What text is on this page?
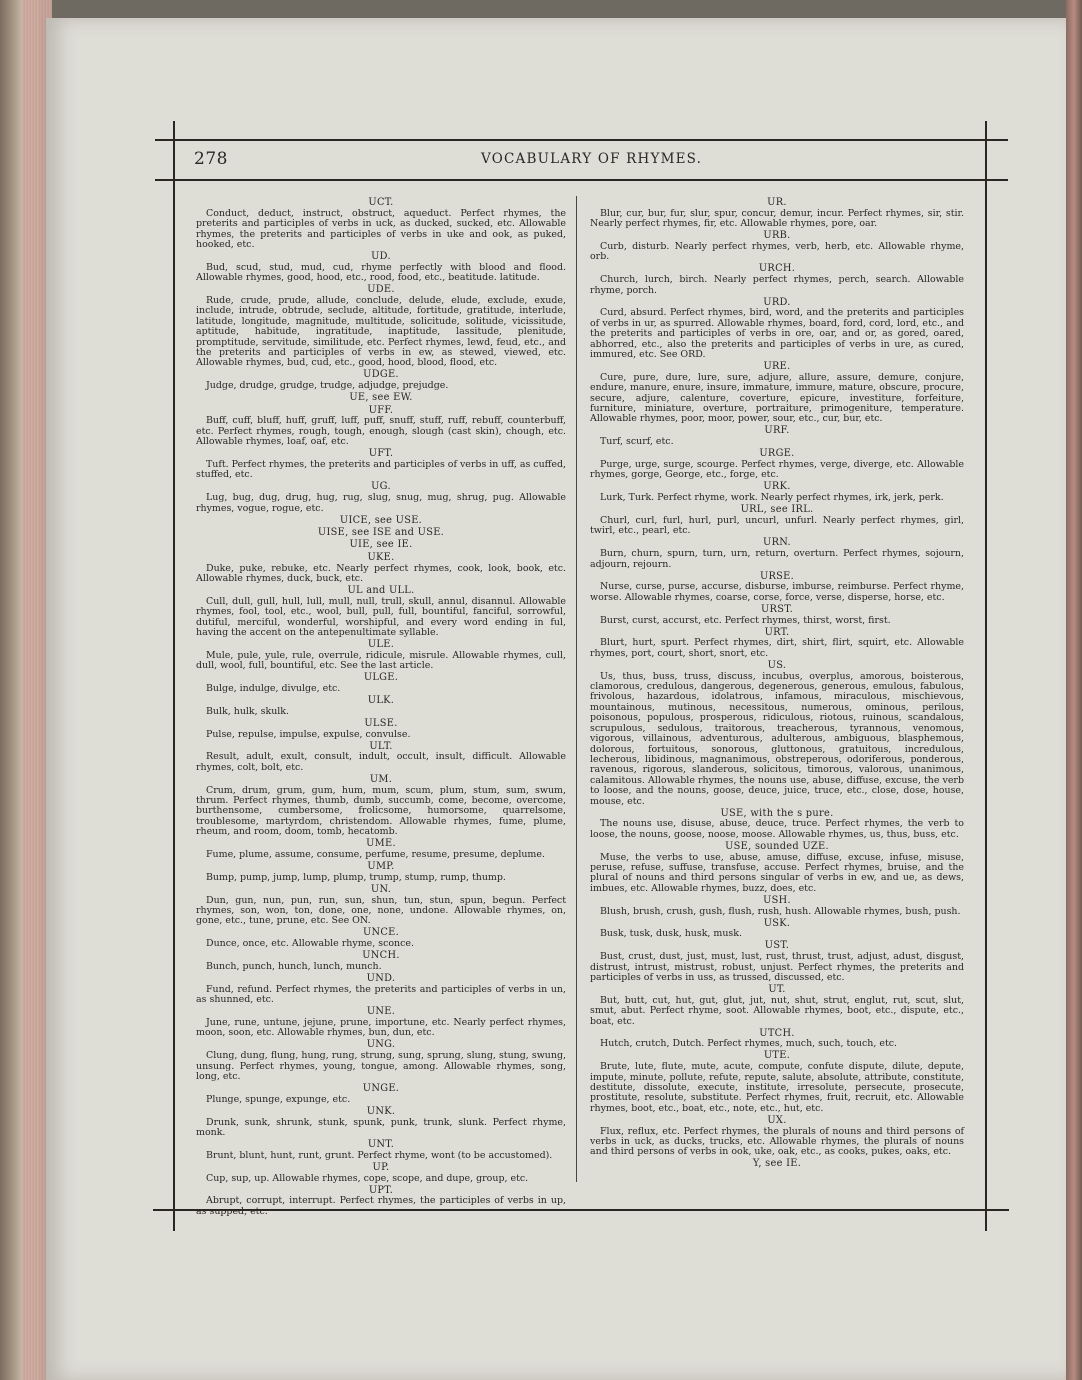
278	VOCABULARY OF RHYMES.
UCT.
Conduct, deduct, instruct, obstruct, aqueduct. Perfect rhymes, the preterits and participles of verbs in uck, as ducked, sucked, etc. Allowable rhymes, the preterits and participles of verbs in uke and ook, as puked, hooked, etc.
UD.
Bud, scud, stud, mud, cud, rhyme perfectly with blood and flood. Allowable rhymes, good, hood, etc., rood, food, etc., beatitude. latitude.
UDE.
Rude, crude, prude, allude, conclude, delude, elude, exclude, exude, include, intrude, obtrude, seclude, altitude, fortitude, gratitude, interlude, latitude, longitude, magnitude, multitude, solicitude, solitude, vicissitude, aptitude, habitude, ingratitude, inaptitude, lassitude, plenitude, promptitude, servitude, similitude, etc. Perfect rhymes, lewd, feud, etc., and the preterits and participles of verbs in ew, as stewed, viewed, etc. Allowable rhymes, bud, cud, etc., good, hood, blood, flood, etc.
UDGE.
Judge, drudge, grudge, trudge, adjudge, prejudge.
UE, see EW.
UFF.
Buff, cuff, bluff, huff, gruff, luff, puff, snuff, stuff, ruff, rebuff, counterbuff, etc. Perfect rhymes, rough, tough, enough, slough (cast skin), chough, etc. Allowable rhymes, loaf, oaf, etc.
UFT.
Tuft. Perfect rhymes, the preterits and participles of verbs in uff, as cuffed, stuffed, etc.
UG.
Lug, bug, dug, drug, hug, rug, slug, snug, mug, shrug, pug. Allowable rhymes, vogue, rogue, etc.
UICE, see USE.
UISE, see ISE and USE.
UIE, see IE.
UKE.
Duke, puke, rebuke, etc. Nearly perfect rhymes, cook, look, book, etc. Allowable rhymes, duck, buck, etc.
UL and ULL.
Cull, dull, gull, hull, lull, mull, null, trull, skull, annul, disannul. Allowable rhymes, fool, tool, etc., wool, bull, pull, full, bountiful, fanciful, sorrowful, dutiful, merciful, wonderful, worshipful, and every word ending in ful, having the accent on the antepenultimate syllable.
ULE.
Mule, pule, yule, rule, overrule, ridicule, misrule. Allowable rhymes, cull, dull, wool, full, bountiful, etc. See the last article.
ULGE.
Bulge, indulge, divulge, etc.
ULK.
Bulk, hulk, skulk.
ULSE.
Pulse, repulse, impulse, expulse, convulse.
ULT.
Result, adult, exult, consult, indult, occult, insult, difficult. Allowable rhymes, colt, bolt, etc.
UM.
Crum, drum, grum, gum, hum, mum, scum, plum, stum, sum, swum, thrum. Perfect rhymes, thumb, dumb, succumb, come, become, overcome, burthensome, cumbersome, frolicsome, humorsome, quarrelsome, troublesome, martyrdom, christendom. Allowable rhymes, fume, plume, rheum, and room, doom, tomb, hecatomb.
UME.
Fume, plume, assume, consume, perfume, resume, presume, deplume.
UMP.
Bump, pump, jump, lump, plump, trump, stump, rump, thump.
UN.
Dun, gun, nun, pun, run, sun, shun, tun, stun, spun, begun. Perfect rhymes, son, won, ton, done, one, none, undone. Allowable rhymes, on, gone, etc., tune, prune, etc. See ON.
UNCE.
Dunce, once, etc. Allowable rhyme, sconce.
UNCH.
Bunch, punch, hunch, lunch, munch.
UND.
Fund, refund. Perfect rhymes, the preterits and participles of verbs in un, as shunned, etc.
UNE.
June, rune, untune, jejune, prune, importune, etc. Nearly perfect rhymes, moon, soon, etc. Allowable rhymes, bun, dun, etc.
UNG.
Clung, dung, flung, hung, rung, strung, sung, sprung, slung, stung, swung, unsung. Perfect rhymes, young, tongue, among. Allowable rhymes, song, long, etc.
UNGE.
Plunge, spunge, expunge, etc.
UNK.
Drunk, sunk, shrunk, stunk, spunk, punk, trunk, slunk. Perfect rhyme, monk.
UNT.
Brunt, blunt, hunt, runt, grunt. Perfect rhyme, wont (to be accustomed).
UP.
Cup, sup, up. Allowable rhymes, cope, scope, and dupe, group, etc.
UPT.
Abrupt, corrupt, interrupt. Perfect rhymes, the participles of verbs in up, as supped, etc.
UR.
Blur, cur, bur, fur, slur, spur, concur, demur, incur. Perfect rhymes, sir, stir. Nearly perfect rhymes, fir, etc. Allowable rhymes, pore, oar.
URB.
Curb, disturb. Nearly perfect rhymes, verb, herb, etc. Allowable rhyme, orb.
URCH.
Church, lurch, birch. Nearly perfect rhymes, perch, search. Allowable rhyme, porch.
URD.
Curd, absurd. Perfect rhymes, bird, word, and the preterits and participles of verbs in ur, as spurred. Allowable rhymes, board, ford, cord, lord, etc., and the preterits and participles of verbs in ore, oar, and or, as gored, oared, abhorred, etc., also the preterits and participles of verbs in ure, as cured, immured, etc. See ORD.
URE.
Cure, pure, dure, lure, sure, adjure, allure, assure, demure, conjure, endure, manure, enure, insure, immature, immure, mature, obscure, procure, secure, adjure, calenture, coverture, epicure, investiture, forfeiture, furniture, miniature, overture, portraiture, primogeniture, temperature. Allowable rhymes, poor, moor, power, sour, etc., cur, bur, etc.
URF.
Turf, scurf, etc.
URGE.
Purge, urge, surge, scourge. Perfect rhymes, verge, diverge, etc. Allowable rhymes, gorge, George, etc., forge, etc.
URK.
Lurk, Turk. Perfect rhyme, work. Nearly perfect rhymes, irk, jerk, perk.
URL, see IRL.
Churl, curl, furl, hurl, purl, uncurl, unfurl. Nearly perfect rhymes, girl, twirl, etc., pearl, etc.
URN.
Burn, churn, spurn, turn, urn, return, overturn. Perfect rhymes, sojourn, adjourn, rejourn.
URSE.
Nurse, curse, purse, accurse, disburse, imburse, reimburse. Perfect rhyme, worse. Allowable rhymes, coarse, corse, force, verse, disperse, horse, etc.
URST.
Burst, curst, accurst, etc. Perfect rhymes, thirst, worst, first.
URT.
Blurt, hurt, spurt. Perfect rhymes, dirt, shirt, flirt, squirt, etc. Allowable rhymes, port, court, short, snort, etc.
US.
Us, thus, buss, truss, discuss, incubus, overplus, amorous, boisterous, clamorous, credulous, dangerous, degenerous, generous, emulous, fabulous, frivolous, hazardous, idolatrous, infamous, miraculous, mischievous, mountainous, mutinous, necessitous, numerous, ominous, perilous, poisonous, populous, prosperous, ridiculous, riotous, ruinous, scandalous, scrupulous, sedulous, traitorous, treacherous, tyrannous, venomous, vigorous, villainous, adventurous, adulterous, ambiguous, blasphemous, dolorous, fortuitous, sonorous, gluttonous, gratuitous, incredulous, lecherous, libidinous, magnanimous, obstreperous, odoriferous, ponderous, ravenous, rigorous, slanderous, solicitous, timorous, valorous, unanimous, calamitous. Allowable rhymes, the nouns use, abuse, diffuse, excuse, the verb to loose, and the nouns, goose, deuce, juice, truce, etc., close, dose, house, mouse, etc.
USE, with the s pure.
The nouns use, disuse, abuse, deuce, truce. Perfect rhymes, the verb to loose, the nouns, goose, noose, moose. Allowable rhymes, us, thus, buss, etc.
USE, sounded UZE.
Muse, the verbs to use, abuse, amuse, diffuse, excuse, infuse, misuse, peruse, refuse, suffuse, transfuse, accuse. Perfect rhymes, bruise, and the plural of nouns and third persons singular of verbs in ew, and ue, as dews, imbues, etc. Allowable rhymes, buzz, does, etc.
USH.
Blush, brush, crush, gush, flush, rush, hush. Allowable rhymes, bush, push.
USK.
Busk, tusk, dusk, husk, musk.
UST.
Bust, crust, dust, just, must, lust, rust, thrust, trust, adjust, adust, disgust, distrust, intrust, mistrust, robust, unjust. Perfect rhymes, the preterits and participles of verbs in uss, as trussed, discussed, etc.
UT.
But, butt, cut, hut, gut, glut, jut, nut, shut, strut, englut, rut, scut, slut, smut, abut. Perfect rhyme, soot. Allowable rhymes, boot, etc., dispute, etc., boat, etc.
UTCH.
Hutch, crutch, Dutch. Perfect rhymes, much, such, touch, etc.
UTE.
Brute, lute, flute, mute, acute, compute, confute dispute, dilute, depute, impute, minute, pollute, refute, repute, salute, absolute, attribute, constitute, destitute, dissolute, execute, institute, irresolute, persecute, prosecute, prostitute, resolute, substitute. Perfect rhymes, fruit, recruit, etc. Allowable rhymes, boot, etc., boat, etc., note, etc., hut, etc.
UX.
Flux, reflux, etc. Perfect rhymes, the plurals of nouns and third persons of verbs in uck, as ducks, trucks, etc. Allowable rhymes, the plurals of nouns and third persons of verbs in ook, uke, oak, etc., as cooks, pukes, oaks, etc.
Y, see IE.
